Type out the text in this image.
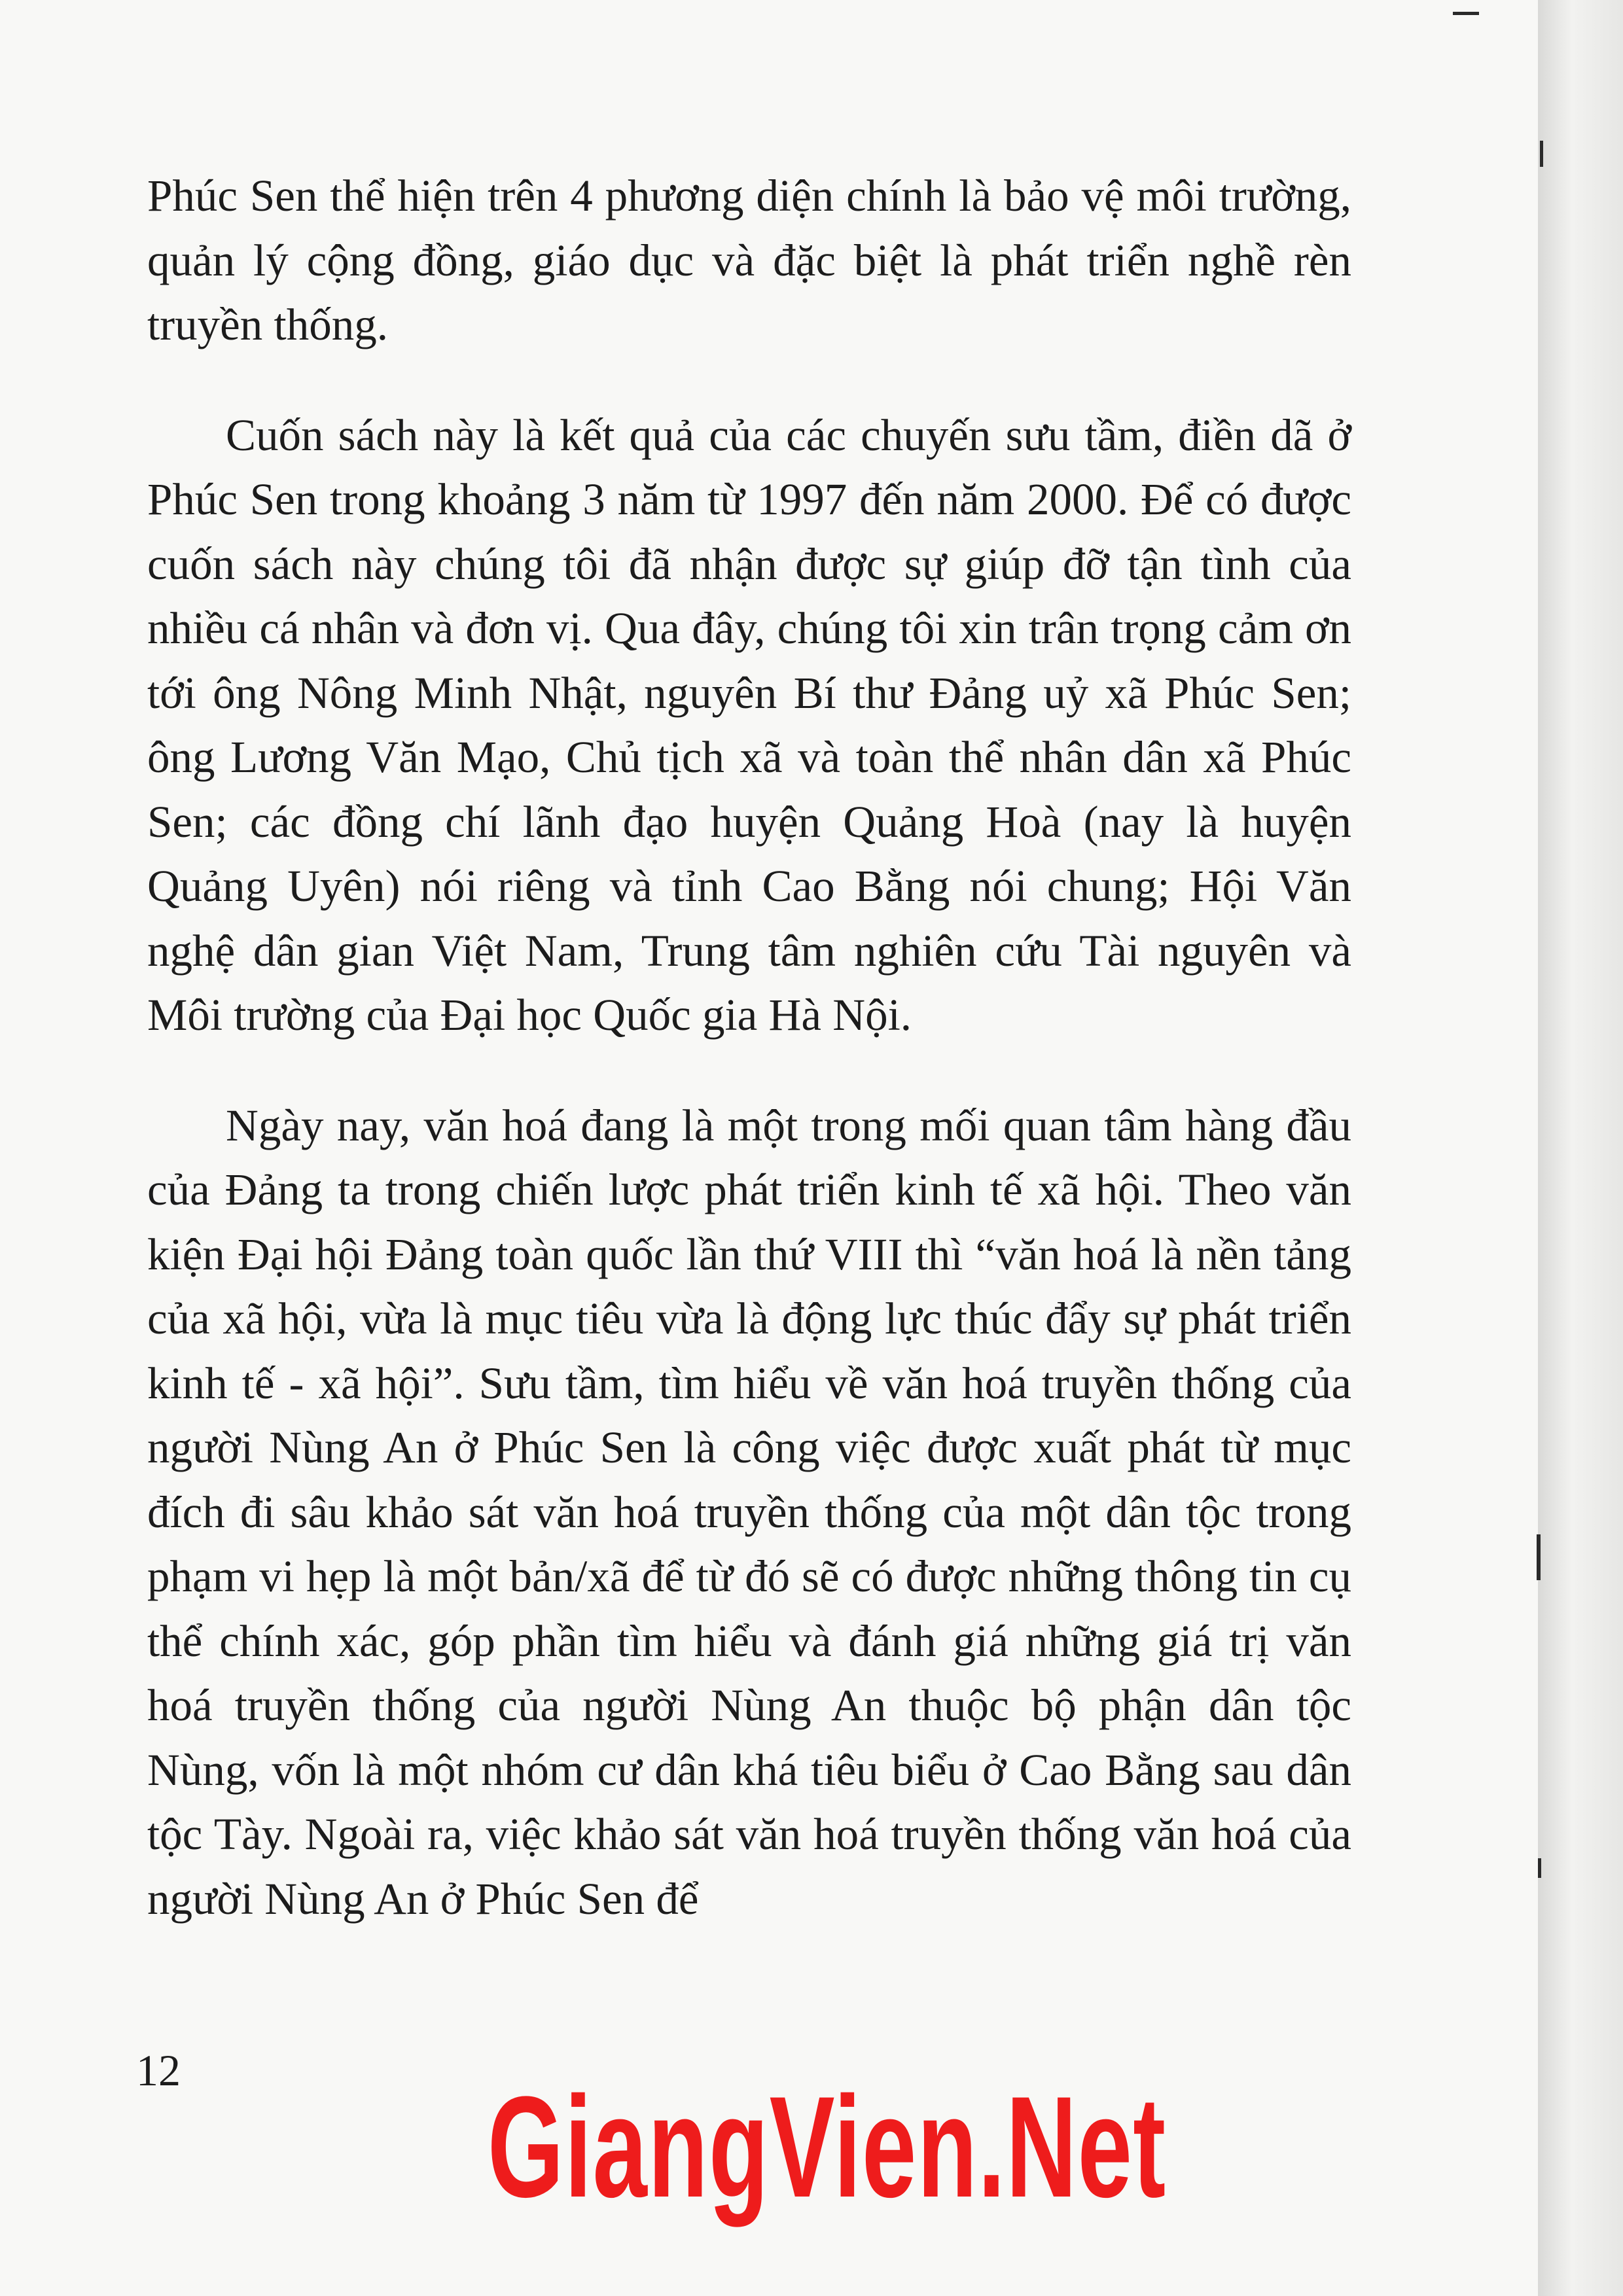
Phúc Sen thể hiện trên 4 phương diện chính là bảo vệ môi trường, quản lý cộng đồng, giáo dục và đặc biệt là phát triển nghề rèn truyền thống.

Cuốn sách này là kết quả của các chuyến sưu tầm, điền dã ở Phúc Sen trong khoảng 3 năm từ 1997 đến năm 2000. Để có được cuốn sách này chúng tôi đã nhận được sự giúp đỡ tận tình của nhiều cá nhân và đơn vị. Qua đây, chúng tôi xin trân trọng cảm ơn tới ông Nông Minh Nhật, nguyên Bí thư Đảng uỷ xã Phúc Sen; ông Lương Văn Mạo, Chủ tịch xã và toàn thể nhân dân xã Phúc Sen; các đồng chí lãnh đạo huyện Quảng Hoà (nay là huyện Quảng Uyên) nói riêng và tỉnh Cao Bằng nói chung; Hội Văn nghệ dân gian Việt Nam, Trung tâm nghiên cứu Tài nguyên và Môi trường của Đại học Quốc gia Hà Nội.

Ngày nay, văn hoá đang là một trong mối quan tâm hàng đầu của Đảng ta trong chiến lược phát triển kinh tế xã hội. Theo văn kiện Đại hội Đảng toàn quốc lần thứ VIII thì “văn hoá là nền tảng của xã hội, vừa là mục tiêu vừa là động lực thúc đẩy sự phát triển kinh tế - xã hội”. Sưu tầm, tìm hiểu về văn hoá truyền thống của người Nùng An ở Phúc Sen là công việc được xuất phát từ mục đích đi sâu khảo sát văn hoá truyền thống của một dân tộc trong phạm vi hẹp là một bản/xã để từ đó sẽ có được những thông tin cụ thể chính xác, góp phần tìm hiểu và đánh giá những giá trị văn hoá truyền thống của người Nùng An thuộc bộ phận dân tộc Nùng, vốn là một nhóm cư dân khá tiêu biểu ở Cao Bằng sau dân tộc Tày. Ngoài ra, việc khảo sát văn hoá truyền thống văn hoá của người Nùng An ở Phúc Sen để

12 GiangVien.Net
